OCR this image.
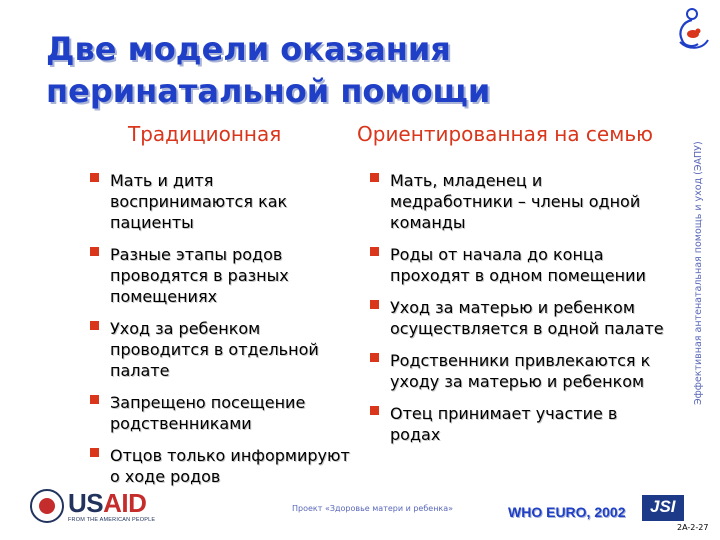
Две модели оказания перинатальной помощи
Традиционная	Ориентированная на семью
Мать и дитя воспринимаются как пациенты
Разные этапы родов проводятся в разных помещениях
Уход за ребенком проводится в отдельной палате
Запрещено посещение родственниками
Отцов только информируют о ходе родов
Мать, младенец и медработники – члены одной команды
Роды от начала до конца проходят в одном помещении
Уход за матерью и ребенком осуществляется в одной палате
Родственники привлекаются к уходу за матерью и ребенком
Отец принимает участие в родах
Эффективная антенатальная помощь и уход (ЭАПУ)
USAID
FROM THE AMERICAN PEOPLE
Проект «Здоровье матери и ребенка»	WHO EURO, 2002 JSI
2A-2-27
